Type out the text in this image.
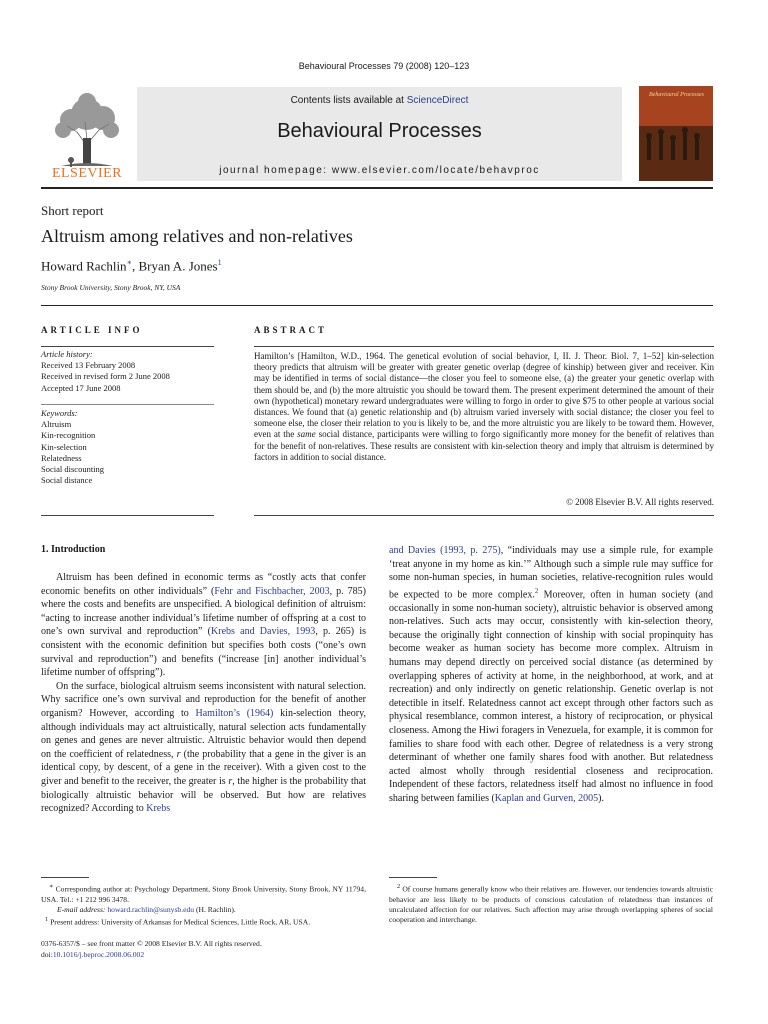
Behavioural Processes 79 (2008) 120–123
ELSEVIER
Contents lists available at ScienceDirect
Behavioural Processes
journal homepage: www.elsevier.com/locate/behavproc
Behavioural Processes
Short report
Altruism among relatives and non-relatives
Howard Rachlin∗, Bryan A. Jones$^1$
Stony Brook University, Stony Brook, NY, USA
ARTICLE INFO
Article history:
Received 13 February 2008
Received in revised form 2 June 2008
Accepted 17 June 2008
Keywords:
Altruism
Kin-recognition
Kin-selection
Relatedness
Social discounting
Social distance
ABSTRACT
Hamilton’s [Hamilton, W.D., 1964. The genetical evolution of social behavior, I, II. J. Theor. Biol. 7, 1–52] kin-selection theory predicts that altruism will be greater with greater genetic overlap (degree of kinship) between giver and receiver. Kin may be identified in terms of social distance—the closer you feel to someone else, (a) the greater your genetic overlap with them should be, and (b) the more altruistic you should be toward them. The present experiment determined the amount of their own (hypothetical) monetary reward undergraduates were willing to forgo in order to give $75 to other people at various social distances. We found that (a) genetic relationship and (b) altruism varied inversely with social distance; the closer you feel to someone else, the closer their relation to you is likely to be, and the more altruistic you are likely to be toward them. However, even at the same social distance, participants were willing to forgo significantly more money for the benefit of relatives than for the benefit of non-relatives. These results are consistent with kin-selection theory and imply that altruism is determined by factors in addition to social distance.
© 2008 Elsevier B.V. All rights reserved.
1. Introduction
Altruism has been defined in economic terms as “costly acts that confer economic benefits on other individuals” (Fehr and Fischbacher, 2003, p. 785) where the costs and benefits are unspecified. A biological definition of altruism: “acting to increase another individual’s lifetime number of offspring at a cost to one’s own survival and reproduction” (Krebs and Davies, 1993, p. 265) is consistent with the economic definition but specifies both costs (“one’s own survival and reproduction”) and benefits (“increase [in] another individual’s lifetime number of offspring”).
On the surface, biological altruism seems inconsistent with natural selection. Why sacrifice one’s own survival and reproduction for the benefit of another organism? However, according to Hamilton’s (1964) kin-selection theory, although individuals may act altruistically, natural selection acts fundamentally on genes and genes are never altruistic. Altruistic behavior would then depend on the coefficient of relatedness, r (the probability that a gene in the giver is an identical copy, by descent, of a gene in the receiver). With a given cost to the giver and benefit to the receiver, the greater is r, the higher is the probability that biologically altruistic behavior will be observed. But how are relatives recognized? According to Krebs
and Davies (1993, p. 275), “individuals may use a simple rule, for example ‘treat anyone in my home as kin.’” Although such a simple rule may suffice for some non-human species, in human societies, relative-recognition rules would be expected to be more complex.$^2$ Moreover, often in human society (and occasionally in some non-human society), altruistic behavior is observed among non-relatives. Such acts may occur, consistently with kin-selection theory, because the originally tight connection of kinship with social propinquity has become weaker as human society has become more complex. Altruism in humans may depend directly on perceived social distance (as determined by overlapping spheres of activity at home, in the neighborhood, at work, and at recreation) and only indirectly on genetic relationship. Genetic overlap is not detectible in itself. Relatedness cannot act except through other factors such as physical resemblance, common interest, a history of reciprocation, or physical closeness. Among the Hiwi foragers in Venezuela, for example, it is common for families to share food with each other. Degree of relatedness is a very strong determinant of whether one family shares food with another. But relatedness acted almost wholly through residential closeness and reciprocation. Independent of these factors, relatedness itself had almost no influence in food sharing between families (Kaplan and Gurven, 2005).
∗ Corresponding author at: Psychology Department, Stony Brook University, Stony Brook, NY 11794, USA. Tel.: +1 212 996 3478.
E-mail address: howard.rachlin@sunysb.edu (H. Rachlin).
$^1$ Present address: University of Arkansas for Medical Sciences, Little Rock, AR, USA.
0376-6357/$ – see front matter © 2008 Elsevier B.V. All rights reserved.
doi:10.1016/j.beproc.2008.06.002
$^2$ Of course humans generally know who their relatives are. However, our tendencies towards altruistic behavior are less likely to be products of conscious calculation of relatedness than instances of uncalculated affection for our relatives. Such affection may arise through overlapping spheres of social cooperation and interchange.
